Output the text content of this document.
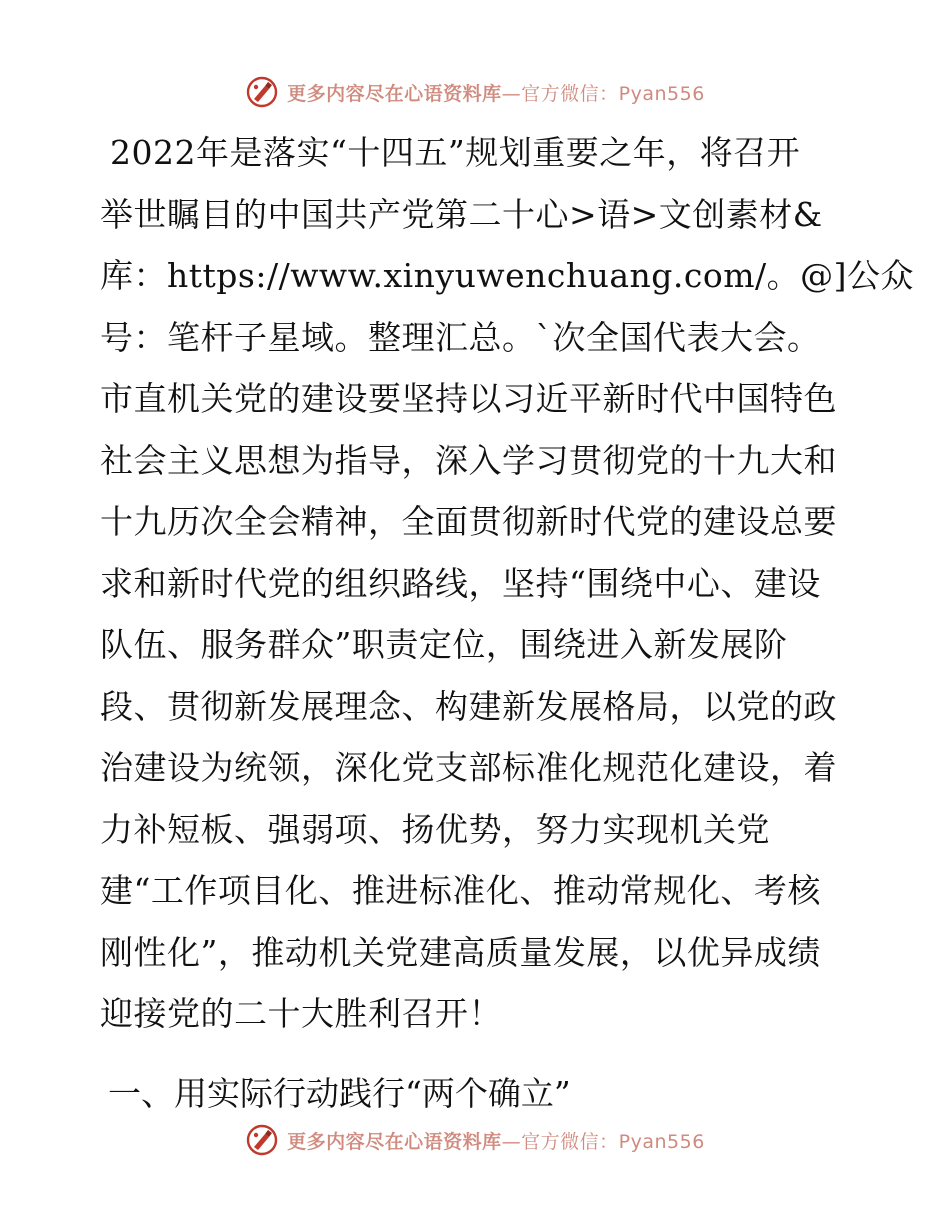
更多内容尽在心语资料库—官方微信：Pyan556
2022年是落实“十四五”规划重要之年，将召开
举世瞩目的中国共产党第二十心>语>文创素材&
库：https://www.xinyuwenchuang.com/。@]公众
号：笔杆子星域。整理汇总。`次全国代表大会。
市直机关党的建设要坚持以习近平新时代中国特色
社会主义思想为指导，深入学习贯彻党的十九大和
十九历次全会精神，全面贯彻新时代党的建设总要
求和新时代党的组织路线，坚持“围绕中心、建设
队伍、服务群众”职责定位，围绕进入新发展阶
段、贯彻新发展理念、构建新发展格局，以党的政
治建设为统领，深化党支部标准化规范化建设，着
力补短板、强弱项、扬优势，努力实现机关党
建“工作项目化、推进标准化、推动常规化、考核
刚性化”，推动机关党建高质量发展，以优异成绩
迎接党的二十大胜利召开！
一、用实际行动践行“两个确立”
更多内容尽在心语资料库—官方微信：Pyan556
